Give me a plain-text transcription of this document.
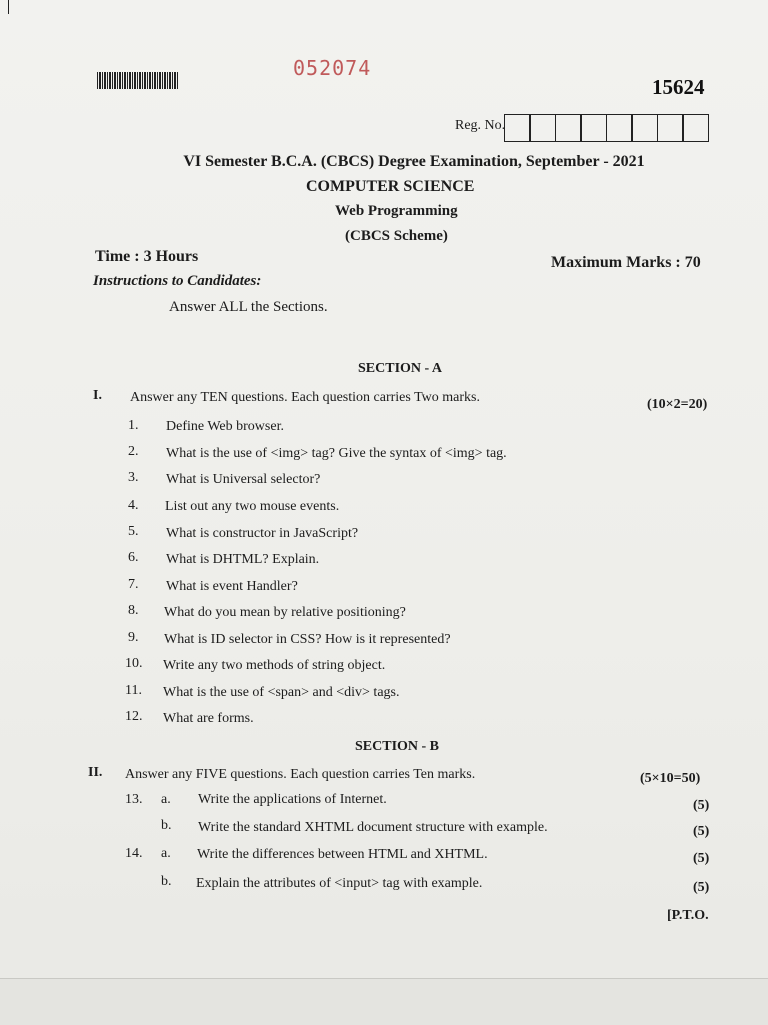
052074
15624
Reg. No.
VI Semester B.C.A. (CBCS) Degree Examination, September - 2021
COMPUTER SCIENCE
Web Programming
(CBCS Scheme)
Time : 3 Hours	Maximum Marks : 70
Instructions to Candidates:
Answer ALL the Sections.
SECTION - A
I. Answer any TEN questions. Each question carries Two marks.	(10×2=20)
1. Define Web browser.
2. What is the use of <img> tag? Give the syntax of <img> tag.
3. What is Universal selector?
4. List out any two mouse events.
5. What is constructor in JavaScript?
6. What is DHTML? Explain.
7. What is event Handler?
8. What do you mean by relative positioning?
9. What is ID selector in CSS? How is it represented?
10. Write any two methods of string object.
11. What is the use of <span> and <div> tags.
12. What are forms.
SECTION - B
II. Answer any FIVE questions. Each question carries Ten marks.	(5×10=50)
13. a. Write the applications of Internet.	(5)
b. Write the standard XHTML document structure with example.	(5)
14. a. Write the differences between HTML and XHTML.	(5)
b. Explain the attributes of <input> tag with example.	(5)
[P.T.O.
